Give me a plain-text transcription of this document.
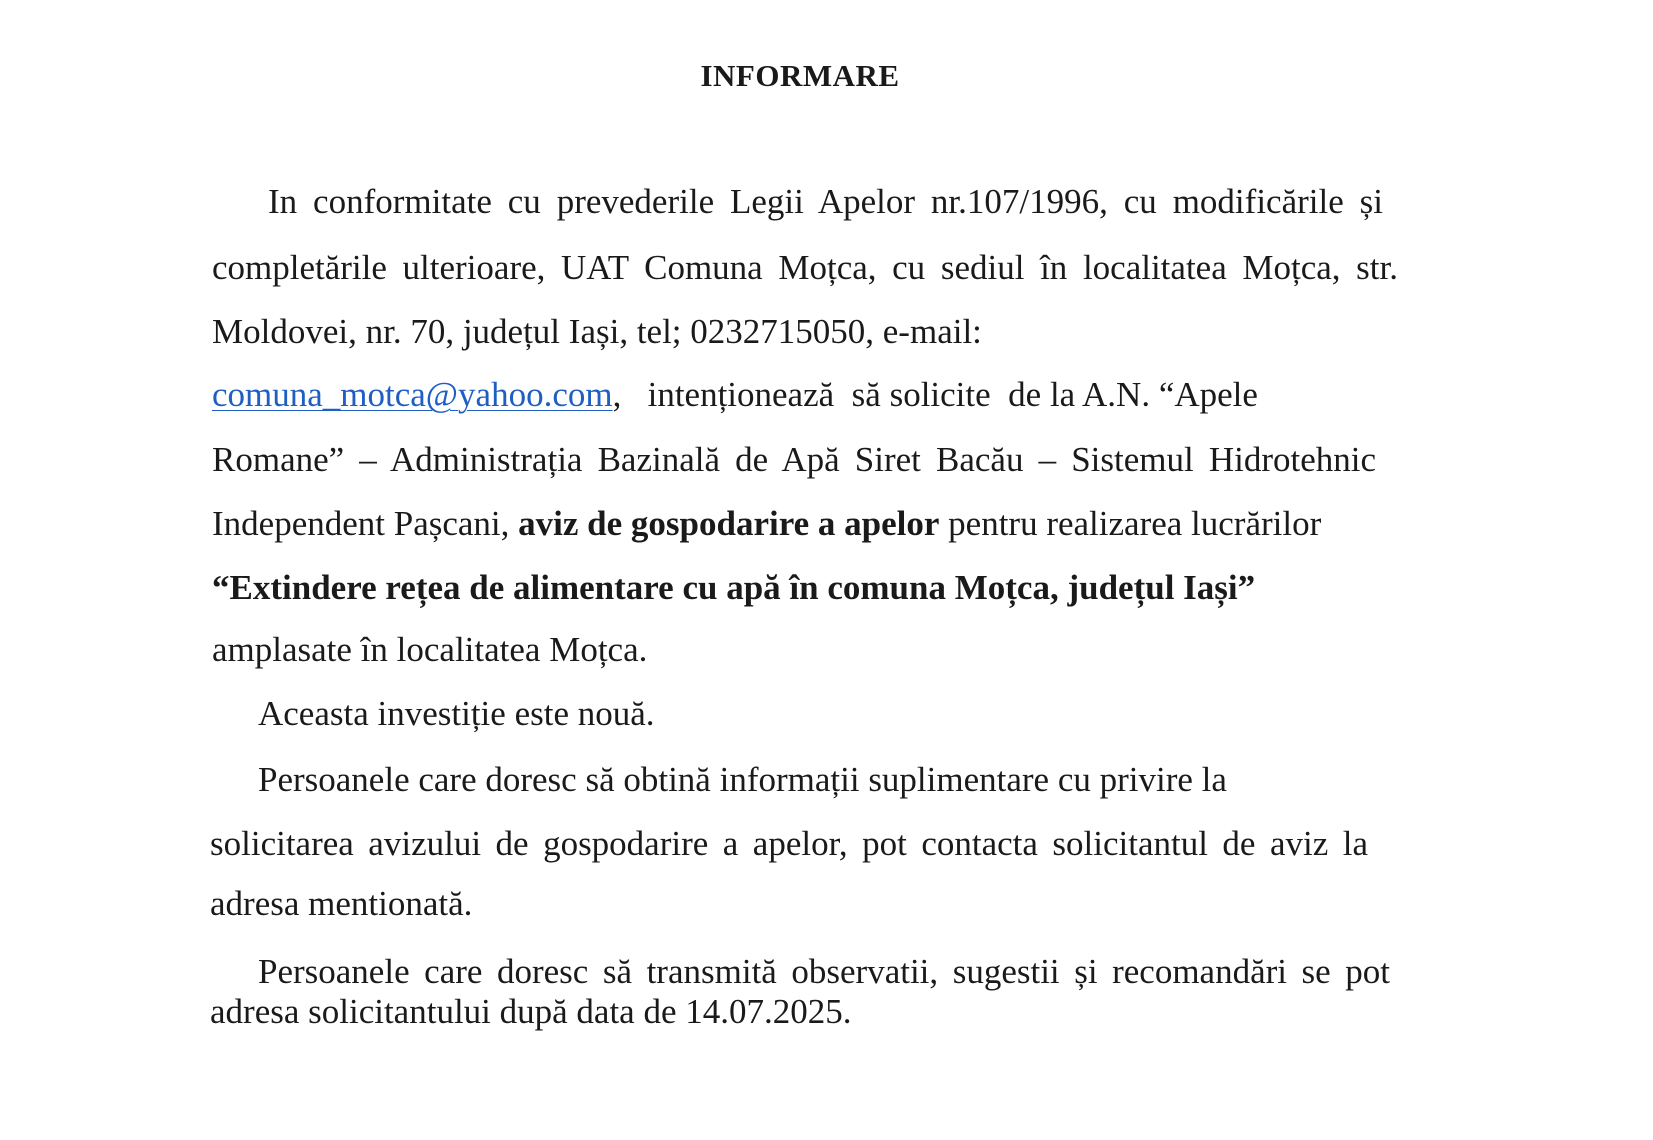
INFORMARE
In conformitate cu prevederile Legii Apelor nr.107/1996, cu modificările și
completările ulterioare, UAT Comuna Moțca, cu sediul în localitatea Moțca, str.
Moldovei, nr. 70, județul Iași, tel; 0232715050, e-mail:
comuna_motca@yahoo.com,   intenționează  să solicite  de la A.N. “Apele
Romane” – Administrația Bazinală de Apă Siret Bacău – Sistemul Hidrotehnic
Independent Pașcani, aviz de gospodarire a apelor pentru realizarea lucrărilor
“Extindere rețea de alimentare cu apă în comuna Moțca, județul Iași”
amplasate în localitatea Moțca.
Aceasta investiție este nouă.
Persoanele care doresc să obtină informații suplimentare cu privire la
solicitarea avizului de gospodarire a apelor, pot contacta solicitantul de aviz la
adresa mentionată.
Persoanele care doresc să transmită observatii, sugestii și recomandări se pot
adresa solicitantului după data de 14.07.2025.
